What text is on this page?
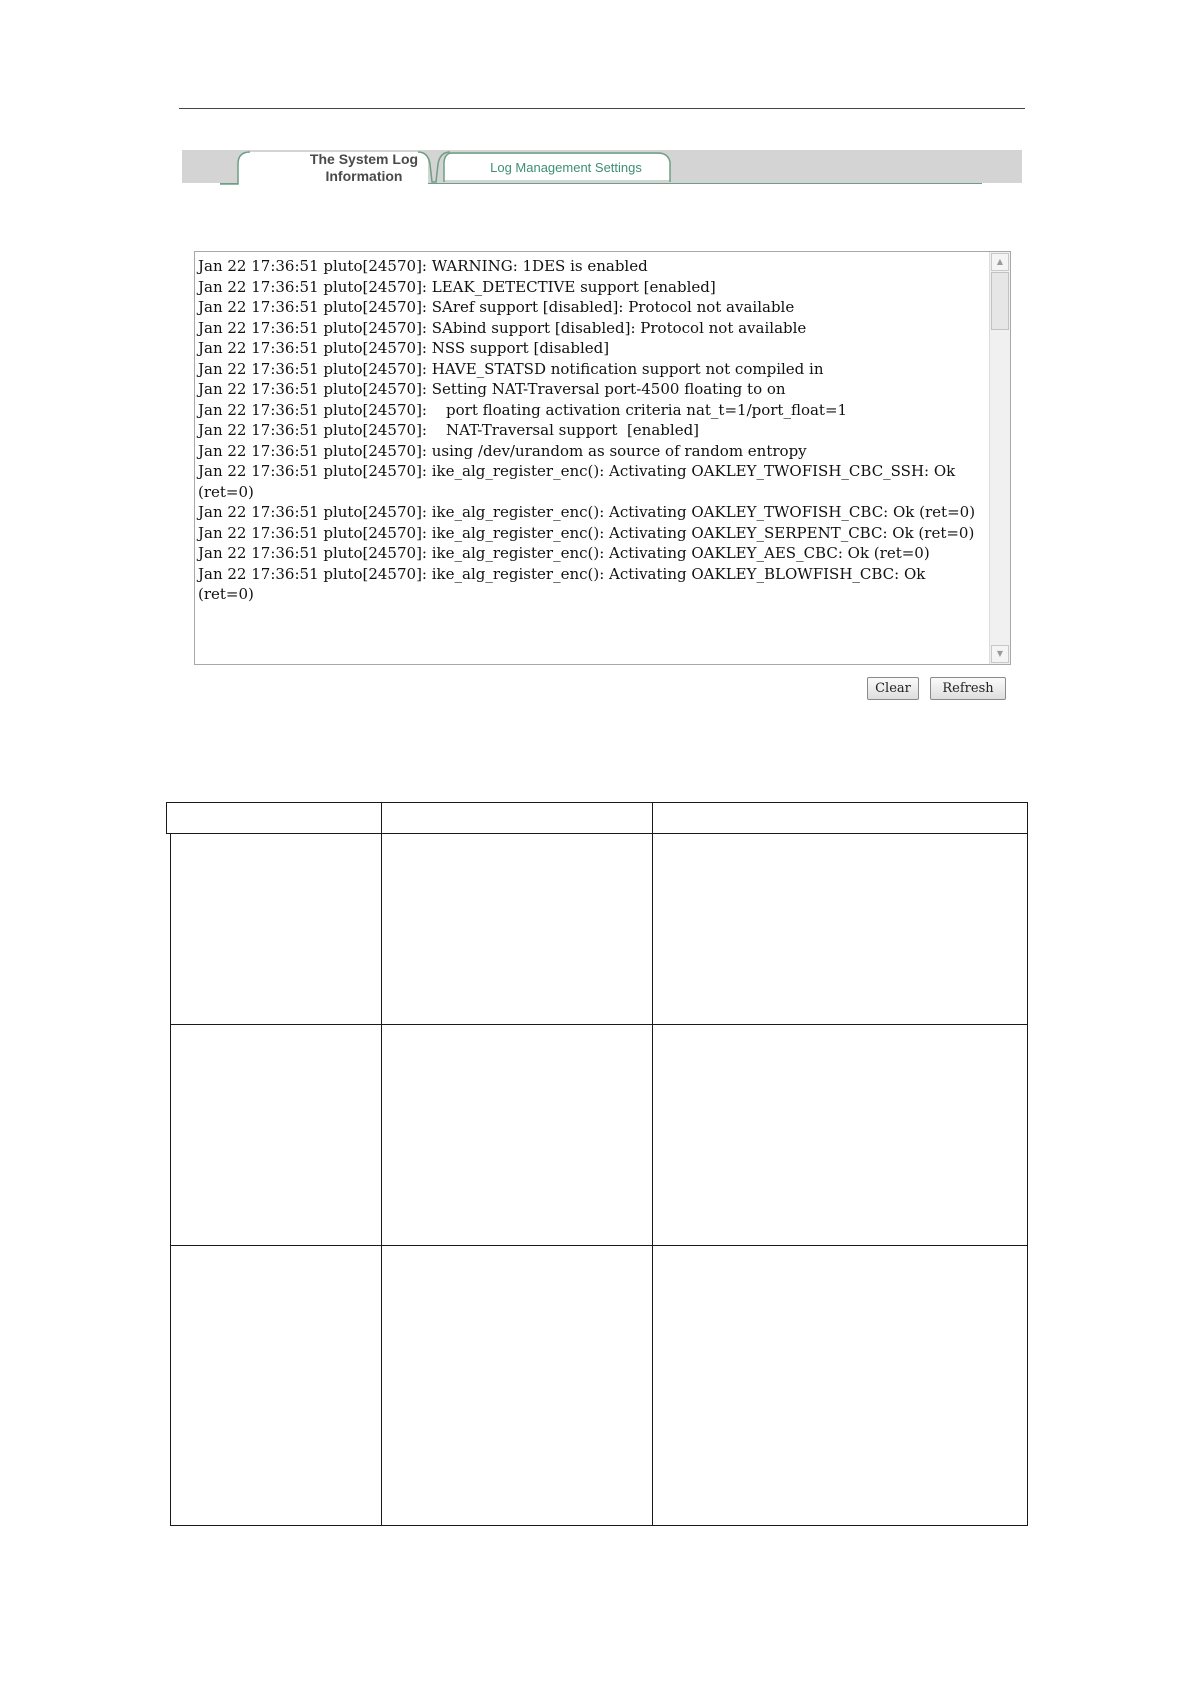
The System Log
Information
Log Management Settings
Jan 22 17:36:51 pluto[24570]: WARNING: 1DES is enabled
Jan 22 17:36:51 pluto[24570]: LEAK_DETECTIVE support [enabled]
Jan 22 17:36:51 pluto[24570]: SAref support [disabled]: Protocol not available
Jan 22 17:36:51 pluto[24570]: SAbind support [disabled]: Protocol not available
Jan 22 17:36:51 pluto[24570]: NSS support [disabled]
Jan 22 17:36:51 pluto[24570]: HAVE_STATSD notification support not compiled in
Jan 22 17:36:51 pluto[24570]: Setting NAT-Traversal port-4500 floating to on
Jan 22 17:36:51 pluto[24570]:    port floating activation criteria nat_t=1/port_float=1
Jan 22 17:36:51 pluto[24570]:    NAT-Traversal support  [enabled]
Jan 22 17:36:51 pluto[24570]: using /dev/urandom as source of random entropy
Jan 22 17:36:51 pluto[24570]: ike_alg_register_enc(): Activating OAKLEY_TWOFISH_CBC_SSH: Ok (ret=0)
Jan 22 17:36:51 pluto[24570]: ike_alg_register_enc(): Activating OAKLEY_TWOFISH_CBC: Ok (ret=0)
Jan 22 17:36:51 pluto[24570]: ike_alg_register_enc(): Activating OAKLEY_SERPENT_CBC: Ok (ret=0)
Jan 22 17:36:51 pluto[24570]: ike_alg_register_enc(): Activating OAKLEY_AES_CBC: Ok (ret=0)
Jan 22 17:36:51 pluto[24570]: ike_alg_register_enc(): Activating OAKLEY_BLOWFISH_CBC: Ok (ret=0)
▲
▼
Clear	Refresh
